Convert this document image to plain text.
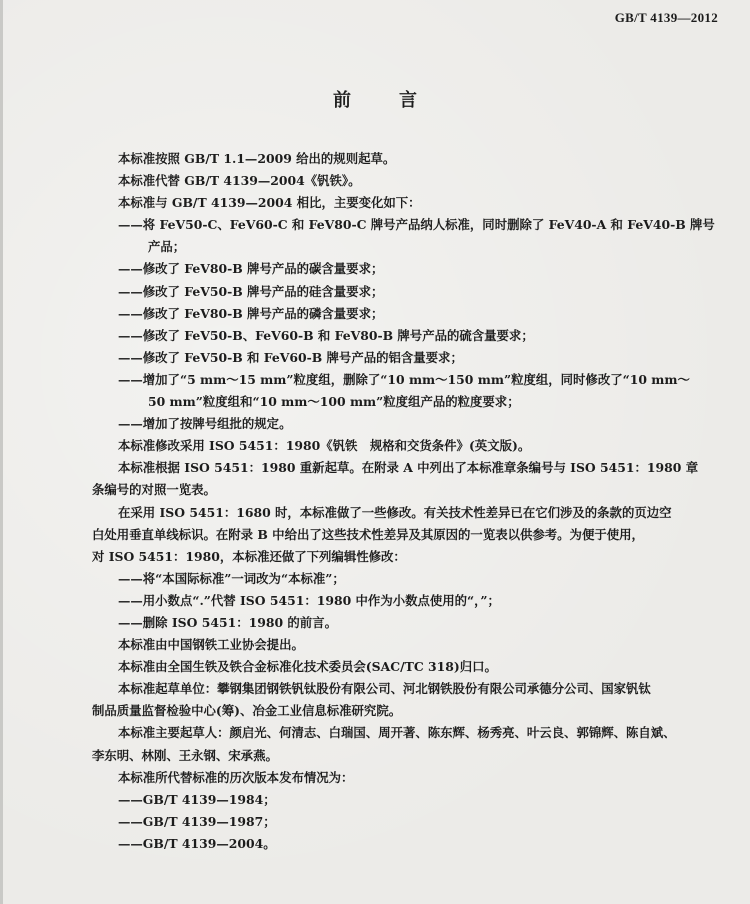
GB/T 4139—2012
前言
本标准按照 GB/T 1.1—2009 给出的规则起草。
本标准代替 GB/T 4139—2004《钒铁》。
本标准与 GB/T 4139—2004 相比，主要变化如下：
——将 FeV50-C、FeV60-C 和 FeV80-C 牌号产品纳人标准，同时删除了 FeV40-A 和 FeV40-B 牌号
产品；
——修改了 FeV80-B 牌号产品的碳含量要求；
——修改了 FeV50-B 牌号产品的硅含量要求；
——修改了 FeV80-B 牌号产品的磷含量要求；
——修改了 FeV50-B、FeV60-B 和 FeV80-B 牌号产品的硫含量要求；
——修改了 FeV50-B 和 FeV60-B 牌号产品的铝含量要求；
——增加了“5 mm～15 mm”粒度组，删除了“10 mm～150 mm”粒度组，同时修改了“10 mm～
50 mm”粒度组和“10 mm～100 mm”粒度组产品的粒度要求；
——增加了按牌号组批的规定。
本标准修改采用 ISO 5451：1980《钒铁　规格和交货条件》(英文版)。
本标准根据 ISO 5451：1980 重新起草。在附录 A 中列出了本标准章条编号与 ISO 5451：1980 章
条编号的对照一览表。
在采用 ISO 5451：1680 时，本标准做了一些修改。有关技术性差异已在它们涉及的条款的页边空
白处用垂直单线标识。在附录 B 中给出了这些技术性差异及其原因的一览表以供参考。为便于使用，
对 ISO 5451：1980，本标准还做了下列编辑性修改：
——将“本国际标准”一词改为“本标准”；
——用小数点“.”代替 ISO 5451：1980 中作为小数点使用的“，”；
——删除 ISO 5451：1980 的前言。
本标准由中国钢铁工业协会提出。
本标准由全国生铁及铁合金标准化技术委员会(SAC/TC 318)归口。
本标准起草单位：攀钢集团钢铁钒钛股份有限公司、河北钢铁股份有限公司承德分公司、国家钒钛
制品质量监督检验中心(筹)、冶金工业信息标准研究院。
本标准主要起草人：颜启光、何清志、白瑞国、周开著、陈东辉、杨秀亮、叶云良、郭锦辉、陈自斌、
李东明、林刚、王永钢、宋承燕。
本标准所代替标准的历次版本发布情况为：
——GB/T 4139—1984；
——GB/T 4139—1987；
——GB/T 4139—2004。
